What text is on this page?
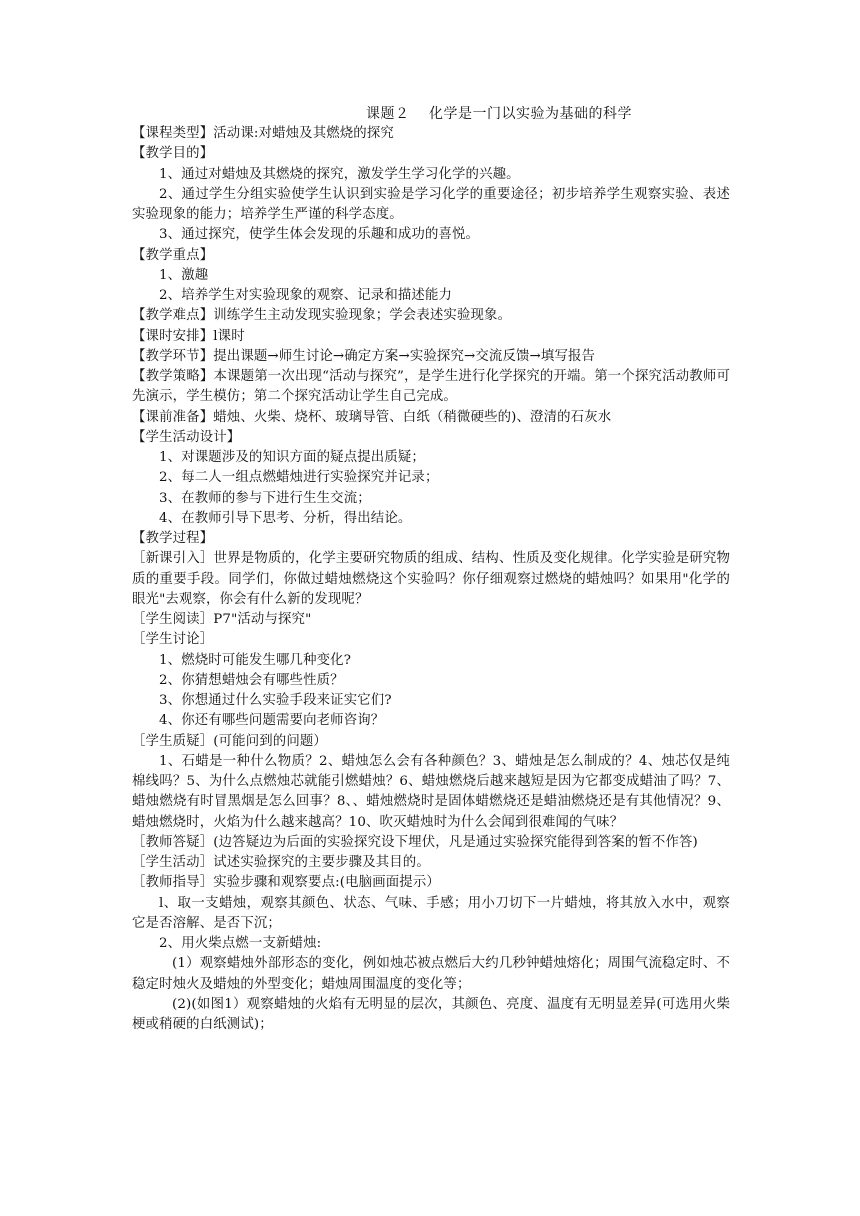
课题２　 化学是一门以实验为基础的科学

【课程类型】活动课:对蜡烛及其燃烧的探究

【教学目的】

1、通过对蜡烛及其燃烧的探究，激发学生学习化学的兴趣。

2、通过学生分组实验使学生认识到实验是学习化学的重要途径；初步培养学生观察实验、表述实验现象的能力；培养学生严谨的科学态度。

3、通过探究，使学生体会发现的乐趣和成功的喜悦。

【教学重点】

1、激趣

2、培养学生对实验现象的观察、记录和描述能力

【教学难点】训练学生主动发现实验现象；学会表述实验现象。

【课时安排】l课时

【教学环节】提出课题→师生讨论→确定方案→实验探究→交流反馈→填写报告

【教学策略】本课题第一次出现“活动与探究”，是学生进行化学探究的开端。第一个探究活动教师可先演示，学生模仿；第二个探究活动让学生自己完成。

【课前准备】蜡烛、火柴、烧杯、玻璃导管、白纸（稍微硬些的)、澄清的石灰水

【学生活动设计】

1、对课题涉及的知识方面的疑点提出质疑；

2、每二人一组点燃蜡烛进行实验探究并记录；

3、在教师的参与下进行生生交流；

4、在教师引导下思考、分析，得出结论。

【教学过程】

［新课引入］世界是物质的，化学主要研究物质的组成、结构、性质及变化规律。化学实验是研究物质的重要手段。同学们，你做过蜡烛燃烧这个实验吗？你仔细观察过燃烧的蜡烛吗？如果用"化学的眼光"去观察，你会有什么新的发现呢？

［学生阅读］P7"活动与探究"

［学生讨论］

1、燃烧时可能发生哪几种变化?

2、你猜想蜡烛会有哪些性质？

3、你想通过什么实验手段来证实它们?

4、你还有哪些问题需要向老师咨询？

［学生质疑］(可能问到的问题）

1、石蜡是一种什么物质？2、蜡烛怎么会有各种颜色？3、蜡烛是怎么制成的？4、烛芯仅是纯棉线吗？5、为什么点燃烛芯就能引燃蜡烛？6、蜡烛燃烧后越来越短是因为它都变成蜡油了吗？7、蜡烛燃烧有时冒黑烟是怎么回事？8、、蜡烛燃烧时是固体蜡燃烧还是蜡油燃烧还是有其他情况？9、蜡烛燃烧时，火焰为什么越来越高？10、吹灭蜡烛时为什么会闻到很难闻的气味？

［教师答疑］(边答疑边为后面的实验探究设下埋伏，凡是通过实验探究能得到答案的暂不作答)

［学生活动］试述实验探究的主要步骤及其目的。

［教师指导］实验步骤和观察要点:(电脑画面提示）

l、取一支蜡烛，观察其颜色、状态、气味、手感；用小刀切下一片蜡烛，将其放入水中，观察它是否溶解、是否下沉；

2、用火柴点燃一支新蜡烛:

(1）观察蜡烛外部形态的变化，例如烛芯被点燃后大约几秒钟蜡烛熔化；周围气流稳定时、不稳定时烛火及蜡烛的外型变化；蜡烛周围温度的变化等；

(2)(如图1）观察蜡烛的火焰有无明显的层次，其颜色、亮度、温度有无明显差异(可选用火柴梗或稍硬的白纸测试)；
